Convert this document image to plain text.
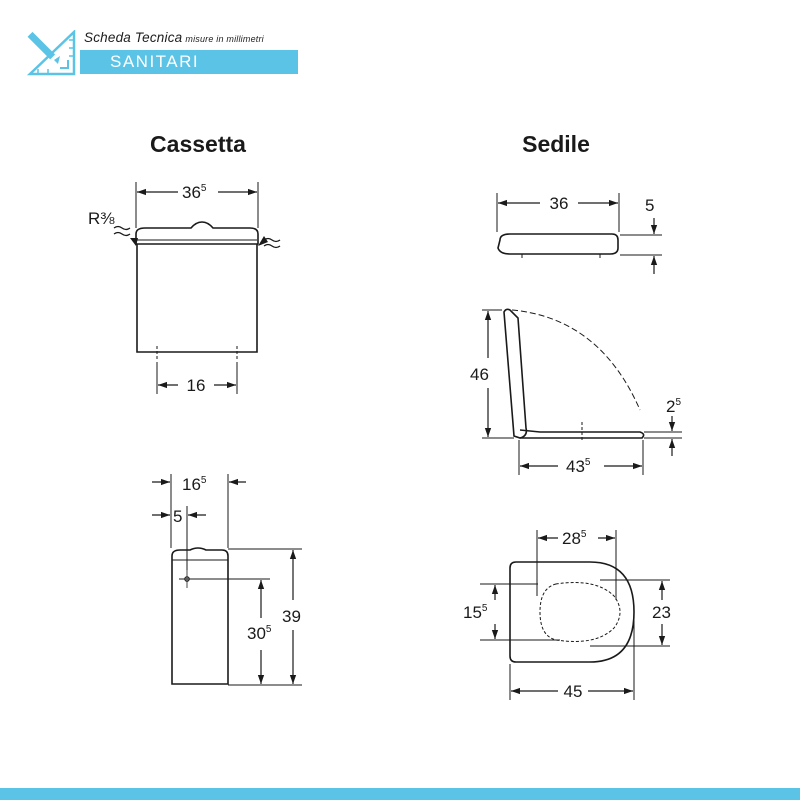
Scheda Tecnica misure in millimetri
SANITARI
Cassetta	Sedile
$36^5$
R⅜
16
$16^5$
5
$30^5$
39
36	5
46
$2^5$
$43^5$
$28^5$
$15^5$	23
45
